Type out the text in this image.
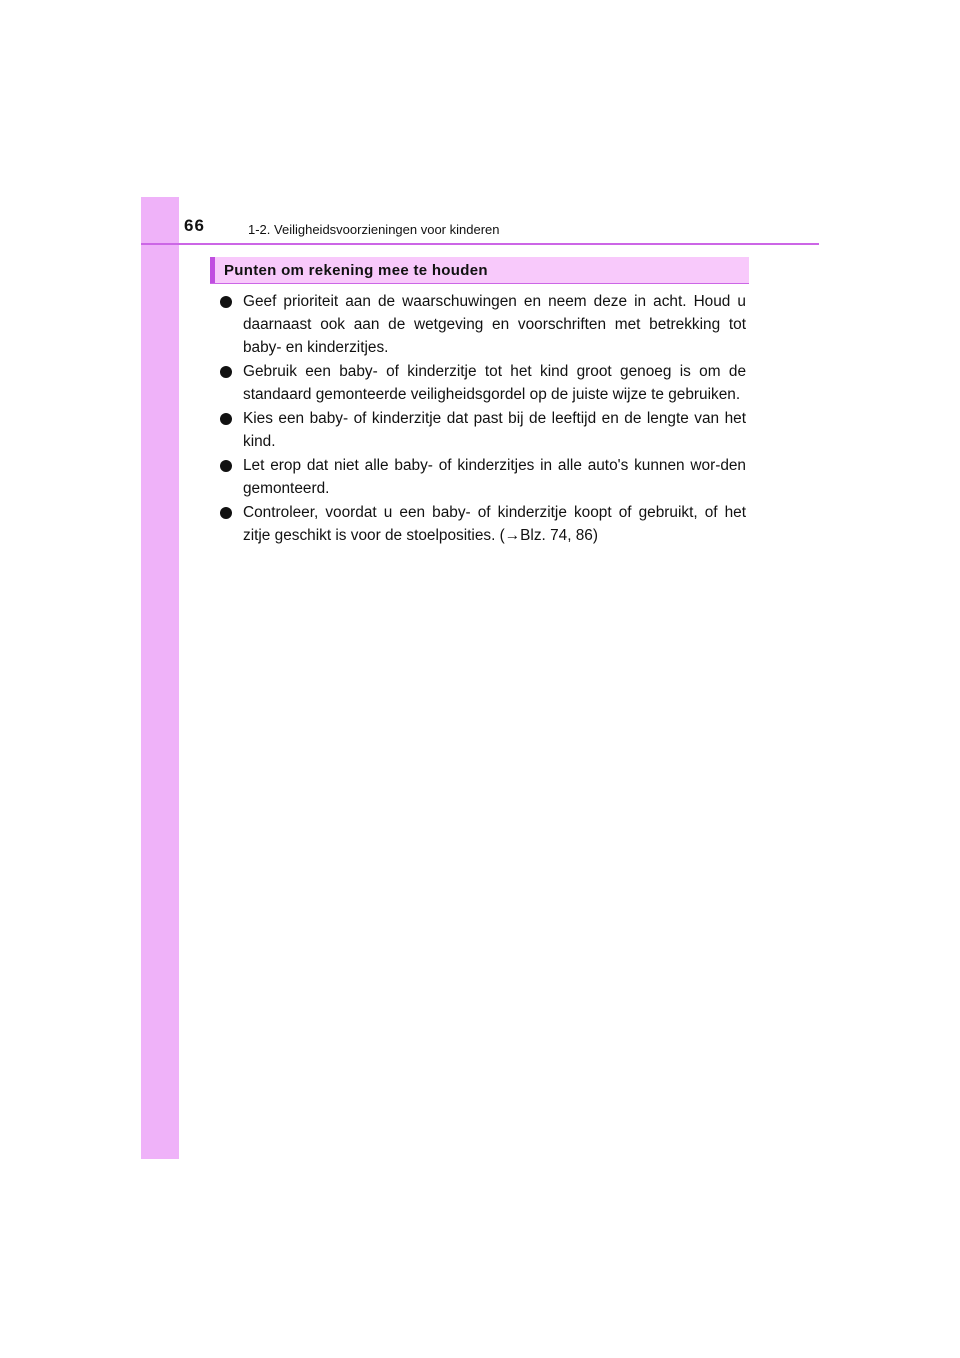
66	1-2. Veiligheidsvoorzieningen voor kinderen
Punten om rekening mee te houden
Geef prioriteit aan de waarschuwingen en neem deze in acht. Houd u daarnaast ook aan de wetgeving en voorschriften met betrekking tot baby- en kinderzitjes.
Gebruik een baby- of kinderzitje tot het kind groot genoeg is om de standaard gemonteerde veiligheidsgordel op de juiste wijze te gebruiken.
Kies een baby- of kinderzitje dat past bij de leeftijd en de lengte van het kind.
Let erop dat niet alle baby- of kinderzitjes in alle auto's kunnen wor-den gemonteerd.
Controleer, voordat u een baby- of kinderzitje koopt of gebruikt, of het zitje geschikt is voor de stoelposities. (→Blz. 74, 86)
